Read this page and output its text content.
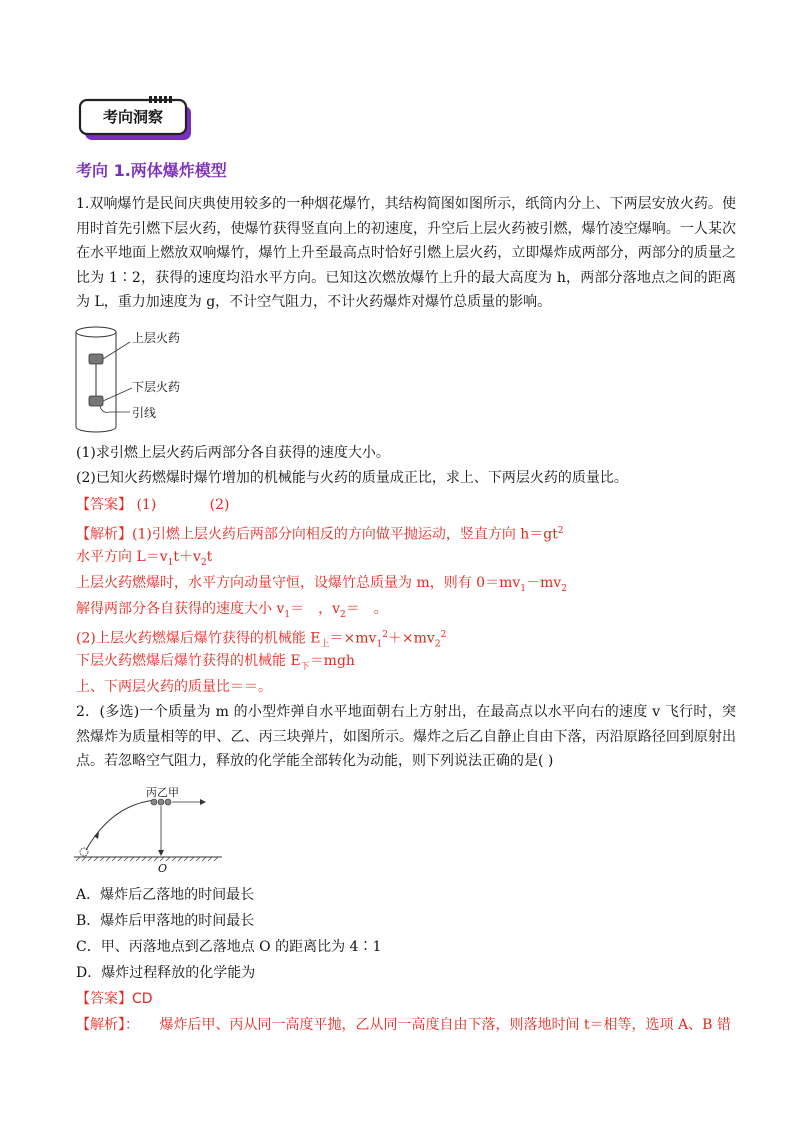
考向洞察
考向 1.两体爆炸模型
1.双响爆竹是民间庆典使用较多的一种烟花爆竹，其结构简图如图所示，纸筒内分上、下两层安放火药。使用时首先引燃下层火药，使爆竹获得竖直向上的初速度，升空后上层火药被引燃，爆竹凌空爆响。一人某次在水平地面上燃放双响爆竹，爆竹上升至最高点时恰好引燃上层火药，立即爆炸成两部分，两部分的质量之比为 1∶2，获得的速度均沿水平方向。已知这次燃放爆竹上升的最大高度为 h，两部分落地点之间的距离为 L，重力加速度为 g，不计空气阻力，不计火药爆炸对爆竹总质量的影响。
上层火药
下层火药
引线
(1)求引燃上层火药后两部分各自获得的速度大小。
(2)已知火药燃爆时爆竹增加的机械能与火药的质量成正比，求上、下两层火药的质量比。
【答案】 (1)            (2)
【解析】(1)引燃上层火药后两部分向相反的方向做平抛运动，竖直方向 $h=gt^2$
水平方向 $L=v_1t+v_2t$
上层火药燃爆时，水平方向动量守恒，设爆竹总质量为 m，则有 $0=mv_1-mv_2$
解得两部分各自获得的速度大小 $v_1=$　，$v_2=$　。
(2)上层火药燃爆后爆竹获得的机械能 $E_上=\times mv_1^2+\times mv_2^2$
下层火药燃爆后爆竹获得的机械能 $E_下=mgh$
上、下两层火药的质量比＝＝。
2．(多选)一个质量为 m 的小型炸弹自水平地面朝右上方射出，在最高点以水平向右的速度 v 飞行时，突然爆炸为质量相等的甲、乙、丙三块弹片，如图所示。爆炸之后乙自静止自由下落，丙沿原路径回到原射出点。若忽略空气阻力，释放的化学能全部转化为动能，则下列说法正确的是( )
丙乙甲
O
A．爆炸后乙落地的时间最长
B．爆炸后甲落地的时间最长
C．甲、丙落地点到乙落地点 O 的距离比为 4∶1
D．爆炸过程释放的化学能为
【答案】CD
【解析】： 爆炸后甲、丙从同一高度平抛，乙从同一高度自由下落，则落地时间 t＝相等，选项 A、B 错
